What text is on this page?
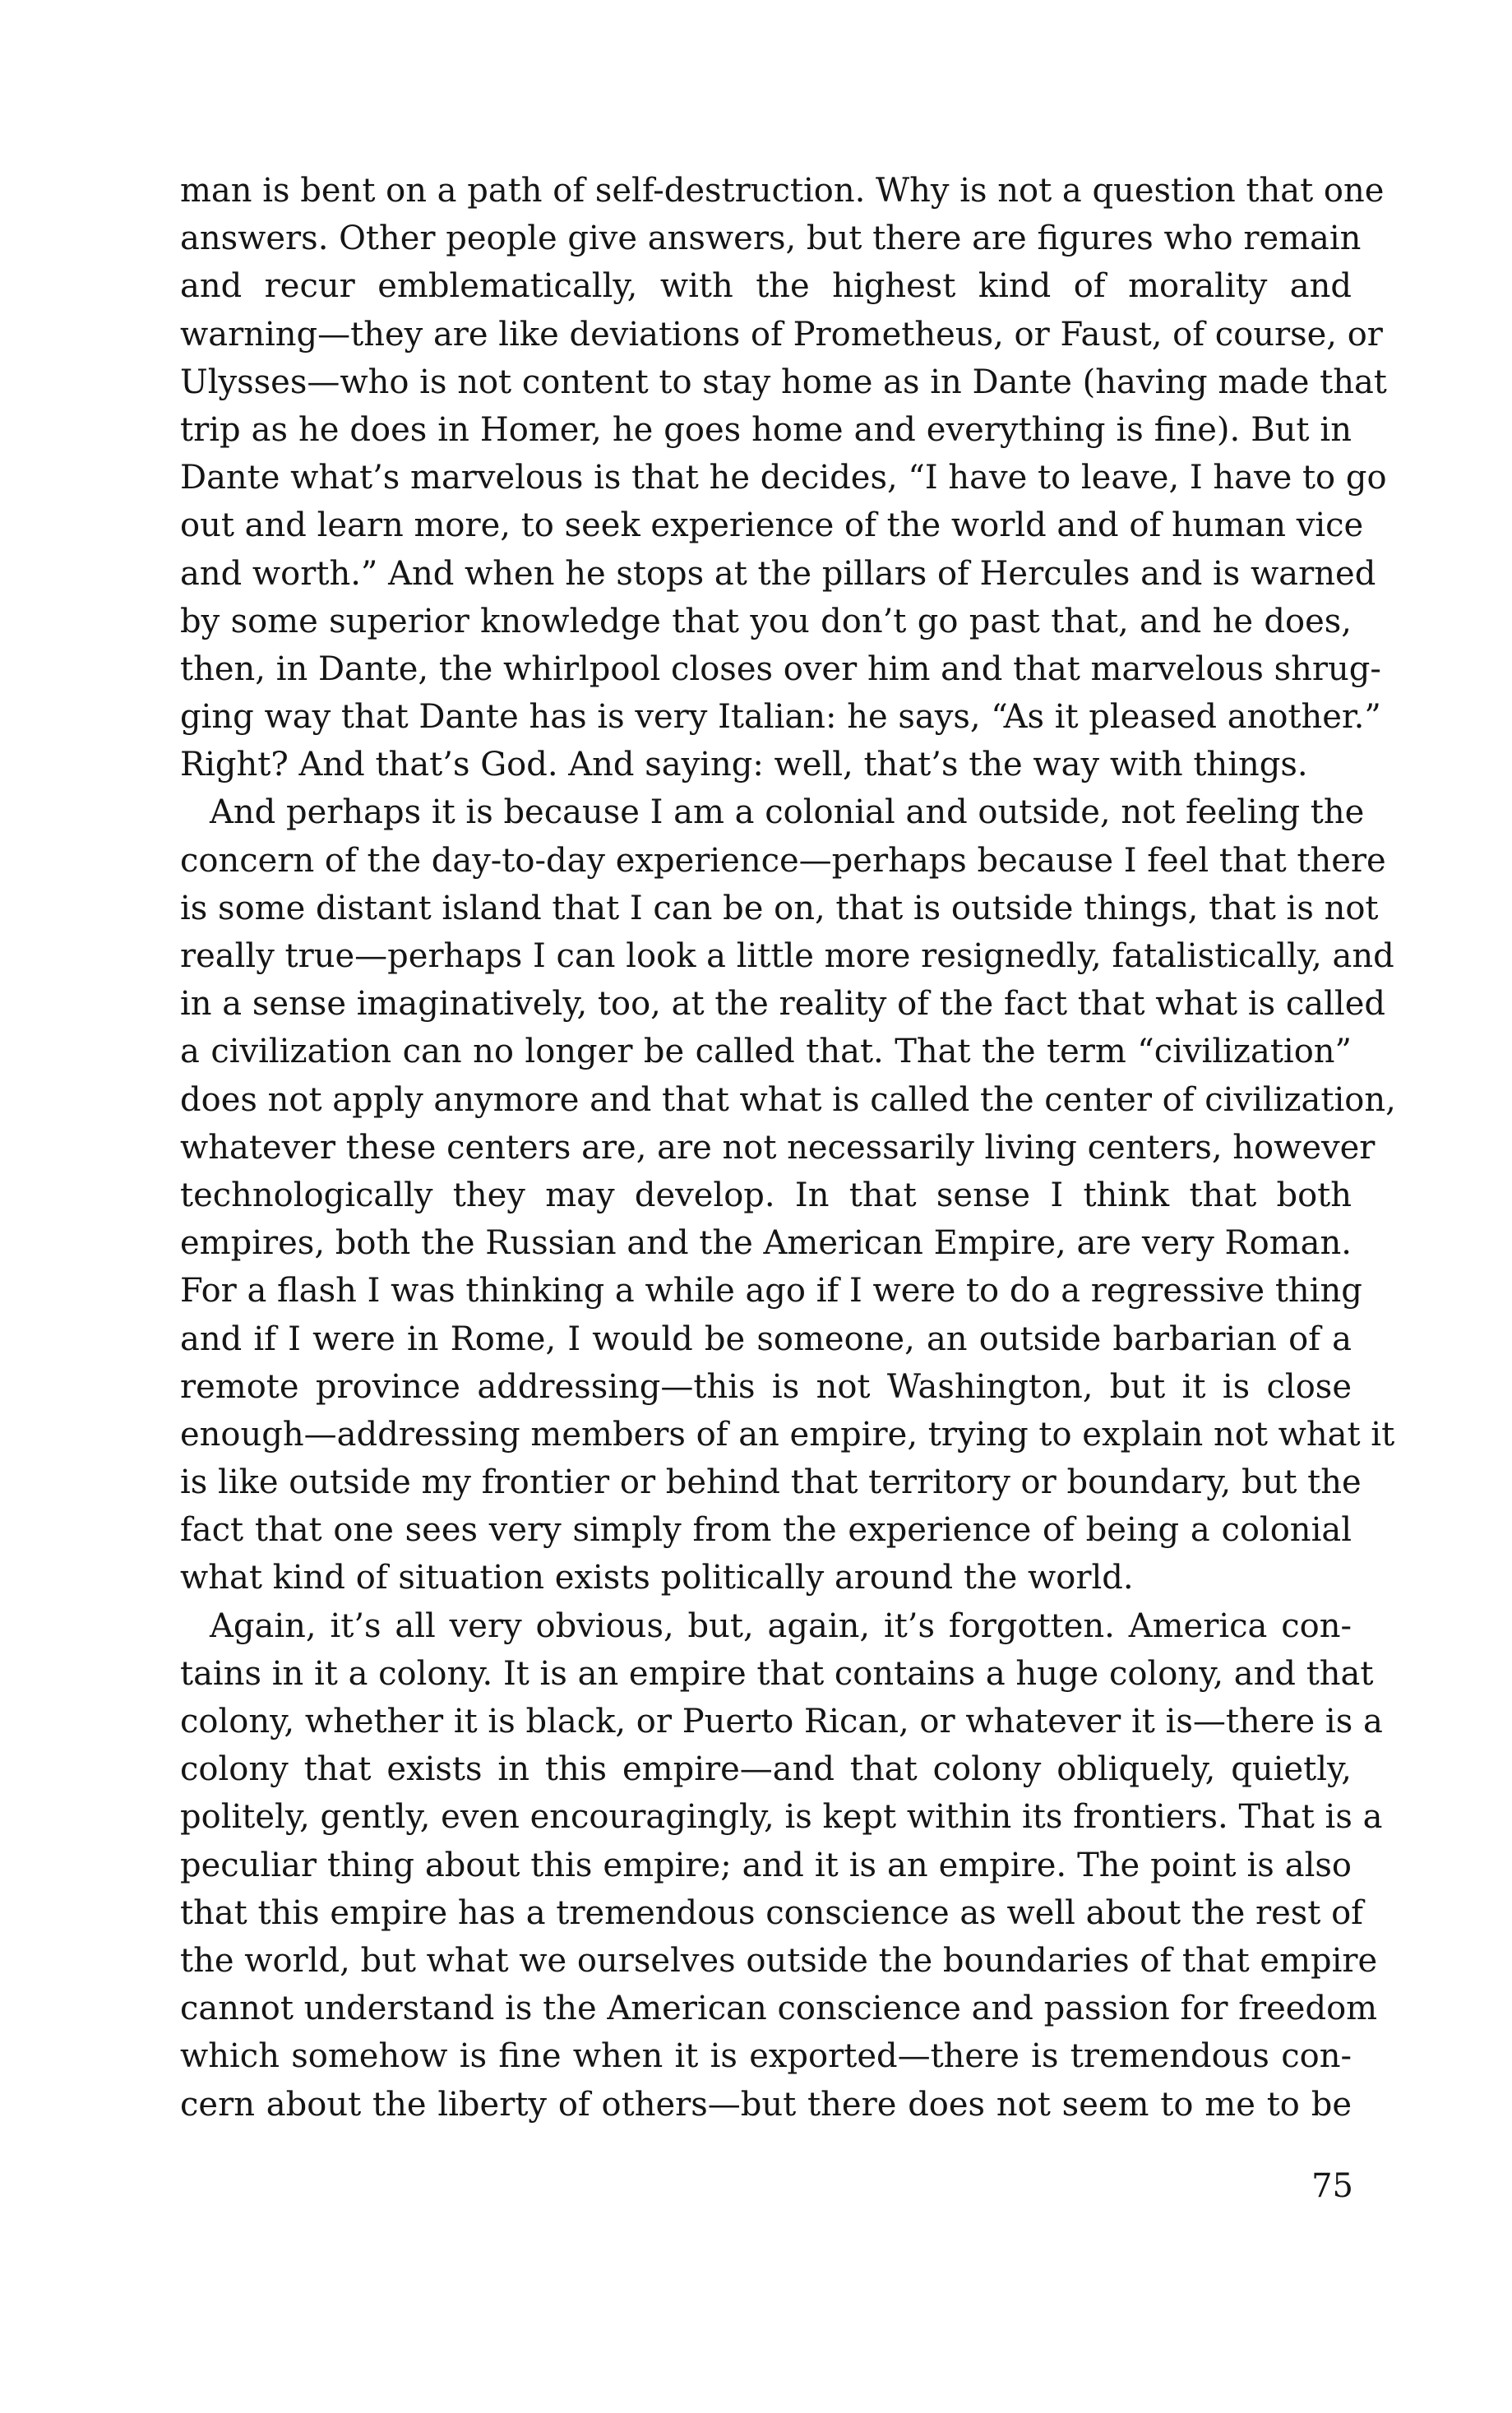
man is bent on a path of self-destruction. Why is not a question that one
answers. Other people give answers, but there are figures who remain
and recur emblematically, with the highest kind of morality and
warning—they are like deviations of Prometheus, or Faust, of course, or
Ulysses—who is not content to stay home as in Dante (having made that
trip as he does in Homer, he goes home and everything is fine). But in
Dante what’s marvelous is that he decides, “I have to leave, I have to go
out and learn more, to seek experience of the world and of human vice
and worth.” And when he stops at the pillars of Hercules and is warned
by some superior knowledge that you don’t go past that, and he does,
then, in Dante, the whirlpool closes over him and that marvelous shrug-
ging way that Dante has is very Italian: he says, “As it pleased another.”
Right? And that’s God. And saying: well, that’s the way with things.
And perhaps it is because I am a colonial and outside, not feeling the
concern of the day-to-day experience—perhaps because I feel that there
is some distant island that I can be on, that is outside things, that is not
really true—perhaps I can look a little more resignedly, fatalistically, and
in a sense imaginatively, too, at the reality of the fact that what is called
a civilization can no longer be called that. That the term “civilization”
does not apply anymore and that what is called the center of civilization,
whatever these centers are, are not necessarily living centers, however
technologically they may develop. In that sense I think that both
empires, both the Russian and the American Empire, are very Roman.
For a flash I was thinking a while ago if I were to do a regressive thing
and if I were in Rome, I would be someone, an outside barbarian of a
remote province addressing—this is not Washington, but it is close
enough—addressing members of an empire, trying to explain not what it
is like outside my frontier or behind that territory or boundary, but the
fact that one sees very simply from the experience of being a colonial
what kind of situation exists politically around the world.
Again, it’s all very obvious, but, again, it’s forgotten. America con-
tains in it a colony. It is an empire that contains a huge colony, and that
colony, whether it is black, or Puerto Rican, or whatever it is—there is a
colony that exists in this empire—and that colony obliquely, quietly,
politely, gently, even encouragingly, is kept within its frontiers. That is a
peculiar thing about this empire; and it is an empire. The point is also
that this empire has a tremendous conscience as well about the rest of
the world, but what we ourselves outside the boundaries of that empire
cannot understand is the American conscience and passion for freedom
which somehow is fine when it is exported—there is tremendous con-
cern about the liberty of others—but there does not seem to me to be
75
